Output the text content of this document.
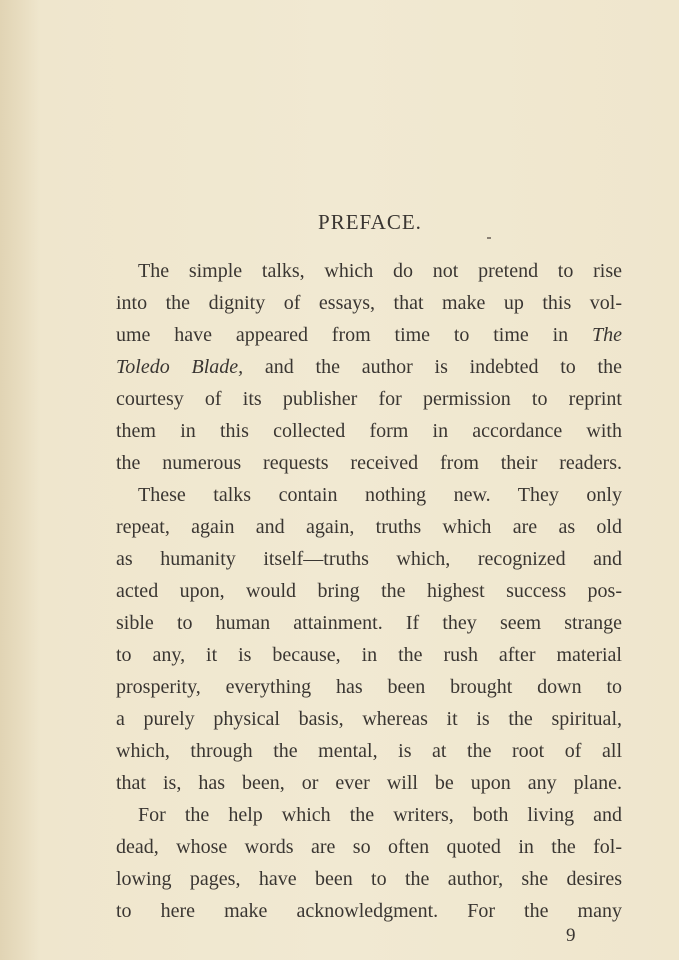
PREFACE.
The simple talks, which do not pretend to rise
into the dignity of essays, that make up this vol-
ume have appeared from time to time in The
Toledo Blade, and the author is indebted to the
courtesy of its publisher for permission to reprint
them in this collected form in accordance with
the numerous requests received from their readers.
These talks contain nothing new. They only
repeat, again and again, truths which are as old
as humanity itself—truths which, recognized and
acted upon, would bring the highest success pos-
sible to human attainment. If they seem strange
to any, it is because, in the rush after material
prosperity, everything has been brought down to
a purely physical basis, whereas it is the spiritual,
which, through the mental, is at the root of all
that is, has been, or ever will be upon any plane.
For the help which the writers, both living and
dead, whose words are so often quoted in the fol-
lowing pages, have been to the author, she desires
to here make acknowledgment. For the many
9
